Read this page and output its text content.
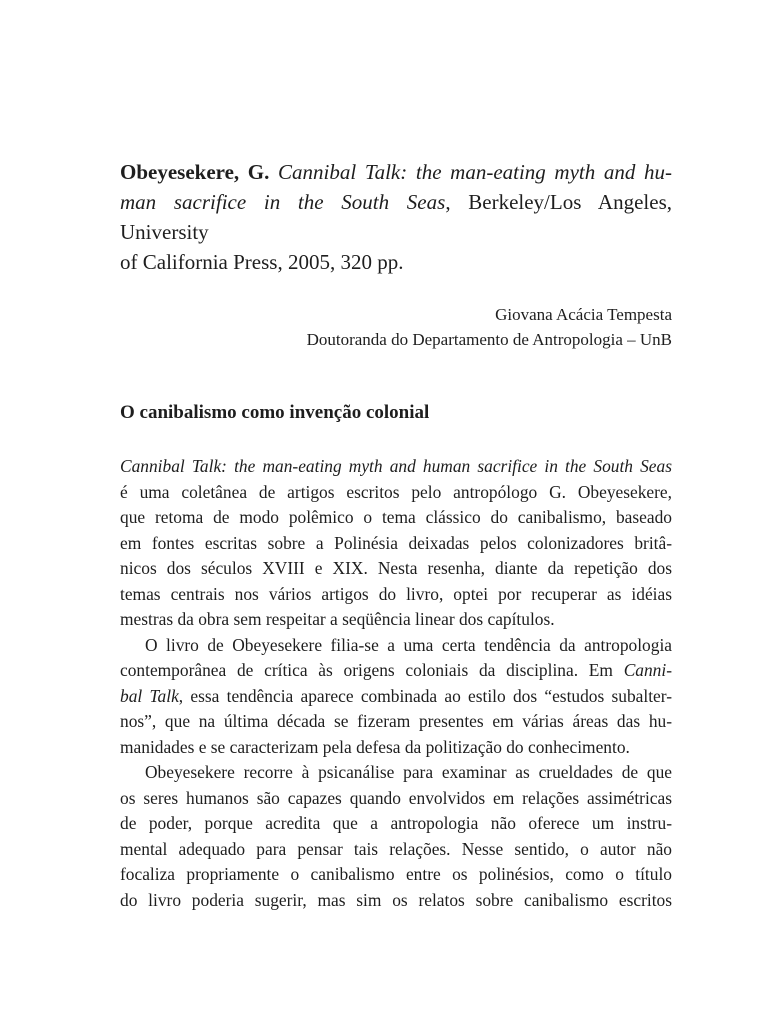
Obeyesekere, G. Cannibal Talk: the man-eating myth and hu-
man sacrifice in the South Seas, Berkeley/Los Angeles, University
of California Press, 2005, 320 pp.

Giovana Acácia Tempesta
Doutoranda do Departamento de Antropologia – UnB
O canibalismo como invenção colonial
Cannibal Talk: the man-eating myth and human sacrifice in the South Seas
é uma coletânea de artigos escritos pelo antropólogo G. Obeyesekere,
que retoma de modo polêmico o tema clássico do canibalismo, baseado
em fontes escritas sobre a Polinésia deixadas pelos colonizadores britâ-
nicos dos séculos XVIII e XIX. Nesta resenha, diante da repetição dos
temas centrais nos vários artigos do livro, optei por recuperar as idéias
mestras da obra sem respeitar a seqüência linear dos capítulos.
O livro de Obeyesekere filia-se a uma certa tendência da antropologia
contemporânea de crítica às origens coloniais da disciplina. Em Canni-
bal Talk, essa tendência aparece combinada ao estilo dos “estudos subalter-
nos”, que na última década se fizeram presentes em várias áreas das hu-
manidades e se caracterizam pela defesa da politização do conhecimento.
Obeyesekere recorre à psicanálise para examinar as crueldades de que
os seres humanos são capazes quando envolvidos em relações assimétricas
de poder, porque acredita que a antropologia não oferece um instru-
mental adequado para pensar tais relações. Nesse sentido, o autor não
focaliza propriamente o canibalismo entre os polinésios, como o título
do livro poderia sugerir, mas sim os relatos sobre canibalismo escritos
